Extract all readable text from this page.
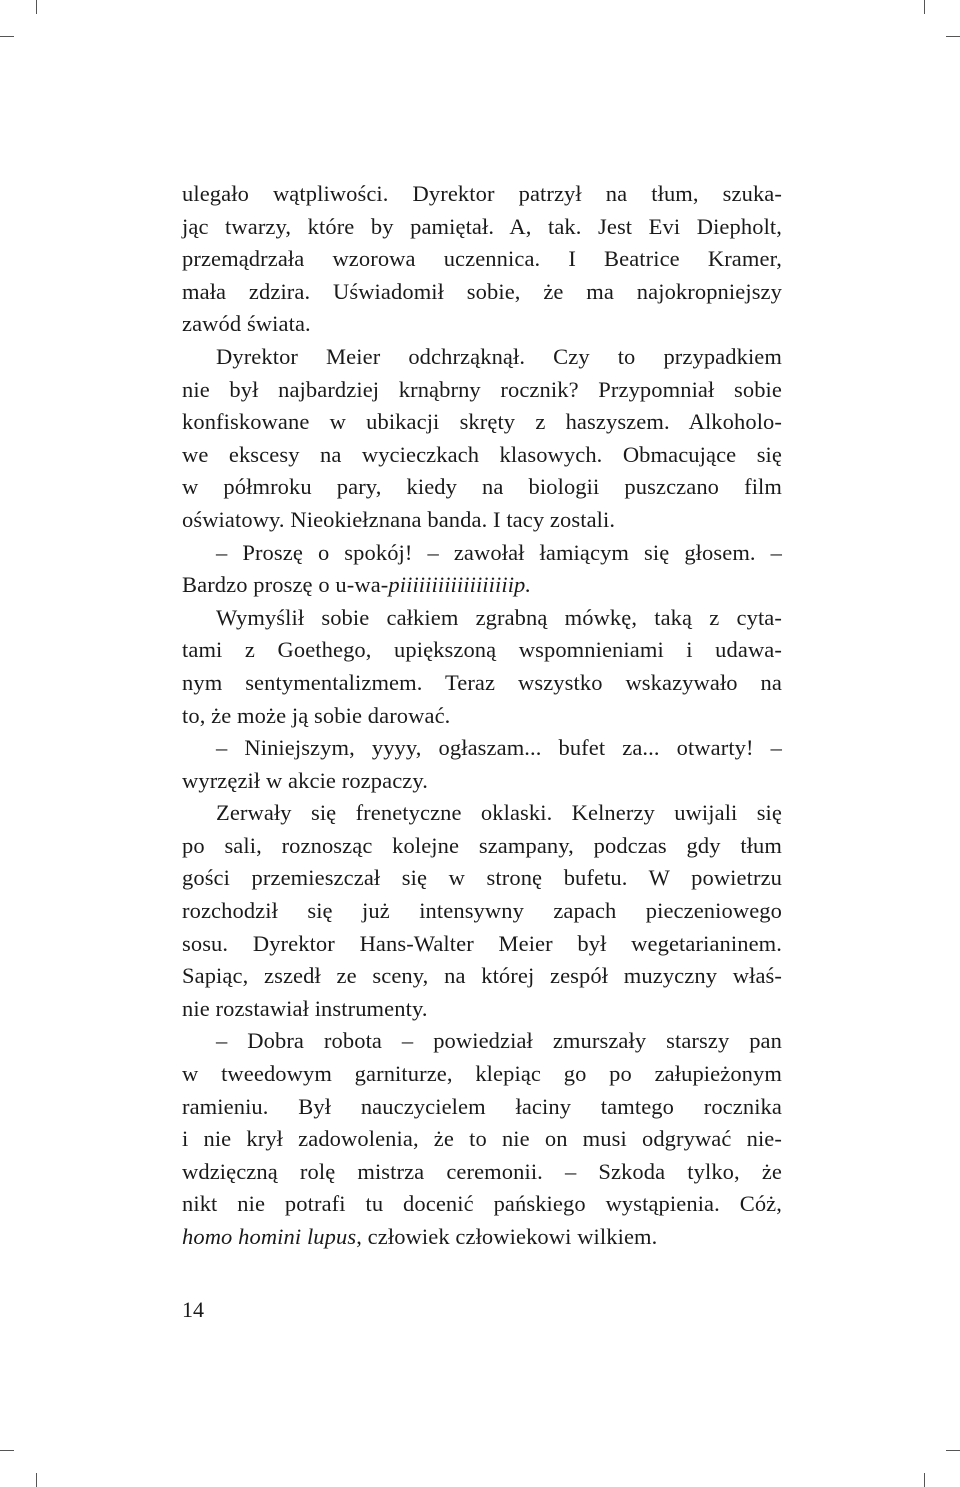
ulegało wątpliwości. Dyrektor patrzył na tłum, szuka-
jąc twarzy, które by pamiętał. A, tak. Jest Evi Diepholt,
przemądrzała wzorowa uczennica. I Beatrice Kramer,
mała zdzira. Uświadomił sobie, że ma najokropniejszy
zawód świata.
Dyrektor Meier odchrząknął. Czy to przypadkiem
nie był najbardziej krnąbrny rocznik? Przypomniał sobie
konfiskowane w ubikacji skręty z haszyszem. Alkoholo-
we ekscesy na wycieczkach klasowych. Obmacujące się
w półmroku pary, kiedy na biologii puszczano film
oświatowy. Nieokiełznana banda. I tacy zostali.
– Proszę o spokój! – zawołał łamiącym się głosem. –
Bardzo proszę o u-wa-piiiiiiiiiiiiiiiiiip.
Wymyślił sobie całkiem zgrabną mówkę, taką z cyta-
tami z Goethego, upiększoną wspomnieniami i udawa-
nym sentymentalizmem. Teraz wszystko wskazywało na
to, że może ją sobie darować.
– Niniejszym, yyyy, ogłaszam... bufet za... otwarty! –
wyrzęził w akcie rozpaczy.
Zerwały się frenetyczne oklaski. Kelnerzy uwijali się
po sali, roznosząc kolejne szampany, podczas gdy tłum
gości przemieszczał się w stronę bufetu. W powietrzu
rozchodził się już intensywny zapach pieczeniowego
sosu. Dyrektor Hans-Walter Meier był wegetarianinem.
Sapiąc, zszedł ze sceny, na której zespół muzyczny właś-
nie rozstawiał instrumenty.
– Dobra robota – powiedział zmurszały starszy pan
w tweedowym garniturze, klepiąc go po załupieżonym
ramieniu. Był nauczycielem łaciny tamtego rocznika
i nie krył zadowolenia, że to nie on musi odgrywać nie-
wdzięczną rolę mistrza ceremonii. – Szkoda tylko, że
nikt nie potrafi tu docenić pańskiego wystąpienia. Cóż,
homo homini lupus, człowiek człowiekowi wilkiem.
14
